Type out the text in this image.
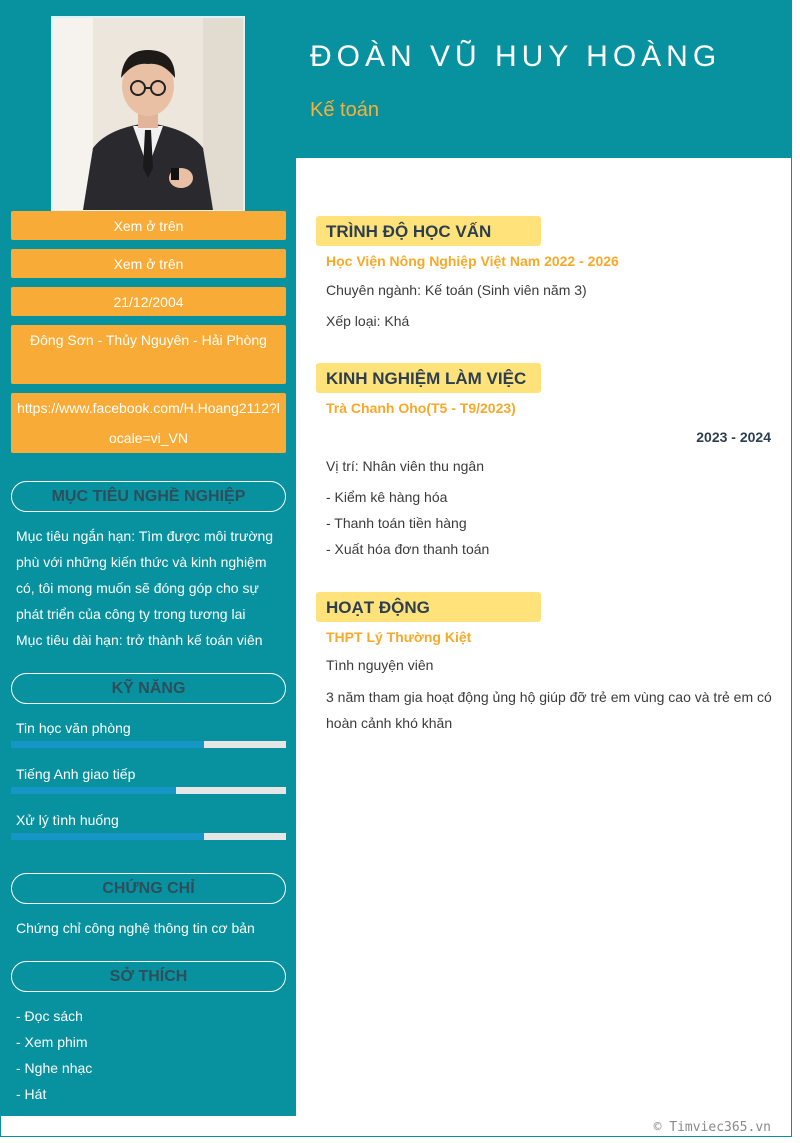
ĐOÀN VŨ HUY HOÀNG
Kế toán
Xem ở trên
Xem ở trên
21/12/2004
Đông Sơn - Thủy Nguyên - Hải Phòng
https://www.facebook.com/H.Hoang2112?locale=vi_VN
MỤC TIÊU NGHỀ NGHIỆP
Mục tiêu ngắn hạn: Tìm được môi trường phù với những kiến thức và kinh nghiệm có, tôi mong muốn sẽ đóng góp cho sự phát triển của công ty trong tương lai
Mục tiêu dài hạn: trở thành kế toán viên
KỸ NĂNG
Tin học văn phòng
Tiếng Anh giao tiếp
Xử lý tình huống
CHỨNG CHỈ
Chứng chỉ công nghệ thông tin cơ bản
SỞ THÍCH
- Đọc sách
- Xem phim
- Nghe nhạc
- Hát
TRÌNH ĐỘ HỌC VẤN
Học Viện Nông Nghiệp Việt Nam 2022 - 2026
Chuyên ngành: Kế toán (Sinh viên năm 3)
Xếp loại: Khá
KINH NGHIỆM LÀM VIỆC
Trà Chanh Oho(T5 - T9/2023)
2023 - 2024
Vị trí: Nhân viên thu ngân
- Kiểm kê hàng hóa
- Thanh toán tiền hàng
- Xuất hóa đơn thanh toán
HOẠT ĐỘNG
THPT Lý Thường Kiệt
Tình nguyện viên
3 năm tham gia hoạt động ủng hộ giúp đỡ trẻ em vùng cao và trẻ em có hoàn cảnh khó khăn
© Timviec365.vn
